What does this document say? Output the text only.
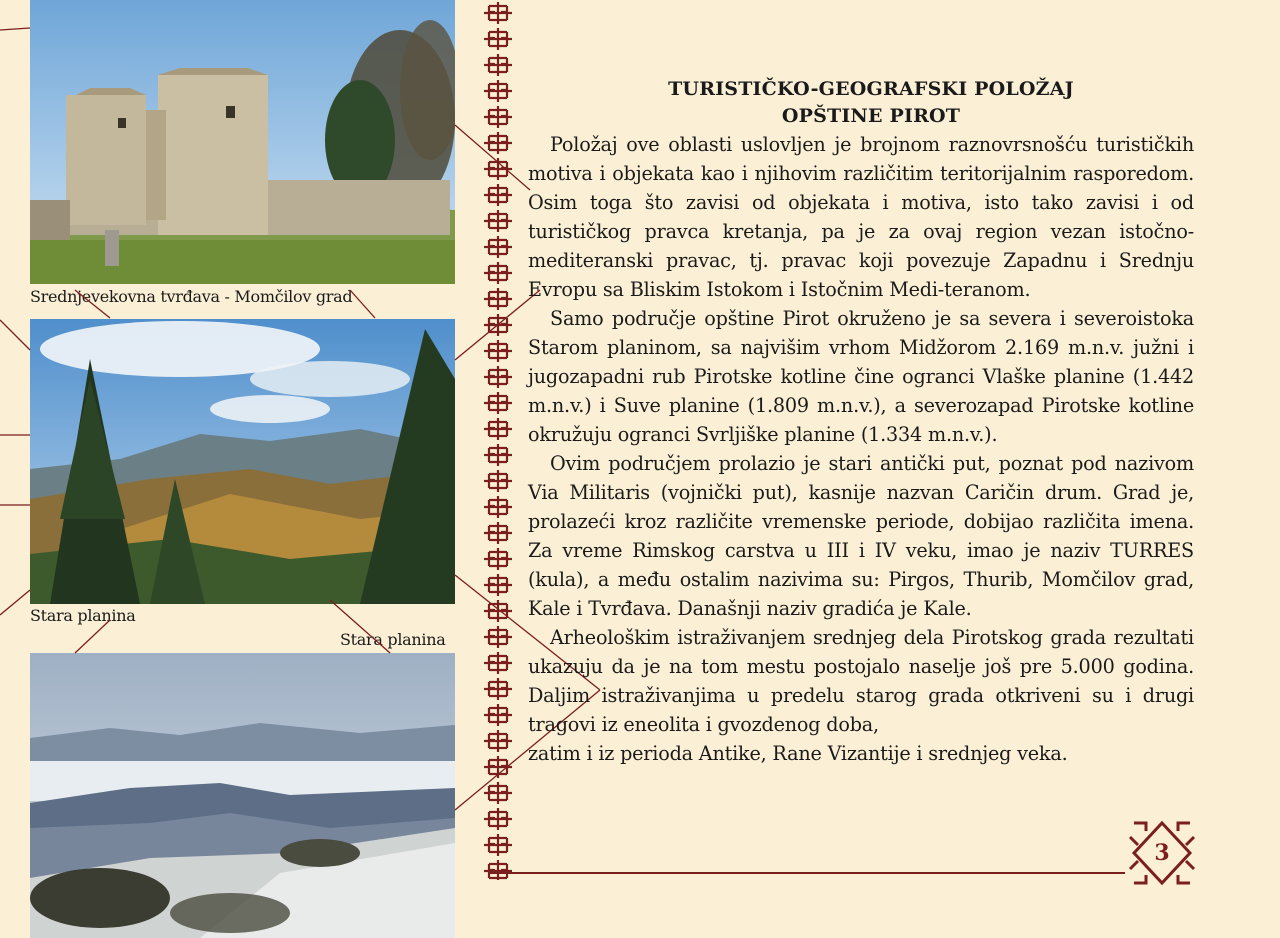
Srednjevekovna tvrđava - Momčilov grad
Stara planina
Stara planina
TURISTIČKO-GEOGRAFSKI POLOŽAJ
OPŠTINE PIROT

Položaj ove oblasti uslovljen je brojnom raznovrsnošću turističkih motiva i objekata kao i njihovim različitim teritorijalnim rasporedom. Osim toga što zavisi od objekata i motiva, isto tako zavisi i od turističkog pravca kretanja, pa je za ovaj region vezan istočno-mediteranski pravac, tj. pravac koji povezuje Zapadnu i Srednju Evropu sa Bliskim Istokom i Istočnim Medi-teranom.

Samo područje opštine Pirot okruženo je sa severa i severoistoka Starom planinom, sa najvišim vrhom Midžorom 2.169 m.n.v. južni i jugozapadni rub Pirotske kotline čine ogranci Vlaške planine (1.442 m.n.v.) i Suve planine (1.809 m.n.v.), a severozapad Pirotske kotline okružuju ogranci Svrljiške planine (1.334 m.n.v.).

Ovim područjem prolazio je stari antički put, poznat pod nazivom Via Militaris (vojnički put), kasnije nazvan Caričin drum. Grad je, prolazeći kroz različite vremenske periode, dobijao različita imena. Za vreme Rimskog carstva u III i IV veku, imao je naziv TURRES (kula), a među ostalim nazivima su: Pirgos, Thurib, Momčilov grad, Kale i Tvrđava. Današnji naziv gradića je Kale.

Arheološkim istraživanjem srednjeg dela Pirotskog grada rezultati ukazuju da je na tom mestu postojalo naselje još pre 5.000 godina. Daljim istraživanjima u predelu starog grada otkriveni su i drugi tragovi iz eneolita i gvozdenog doba,

zatim i iz perioda Antike, Rane Vizantije i srednjeg veka.

3
